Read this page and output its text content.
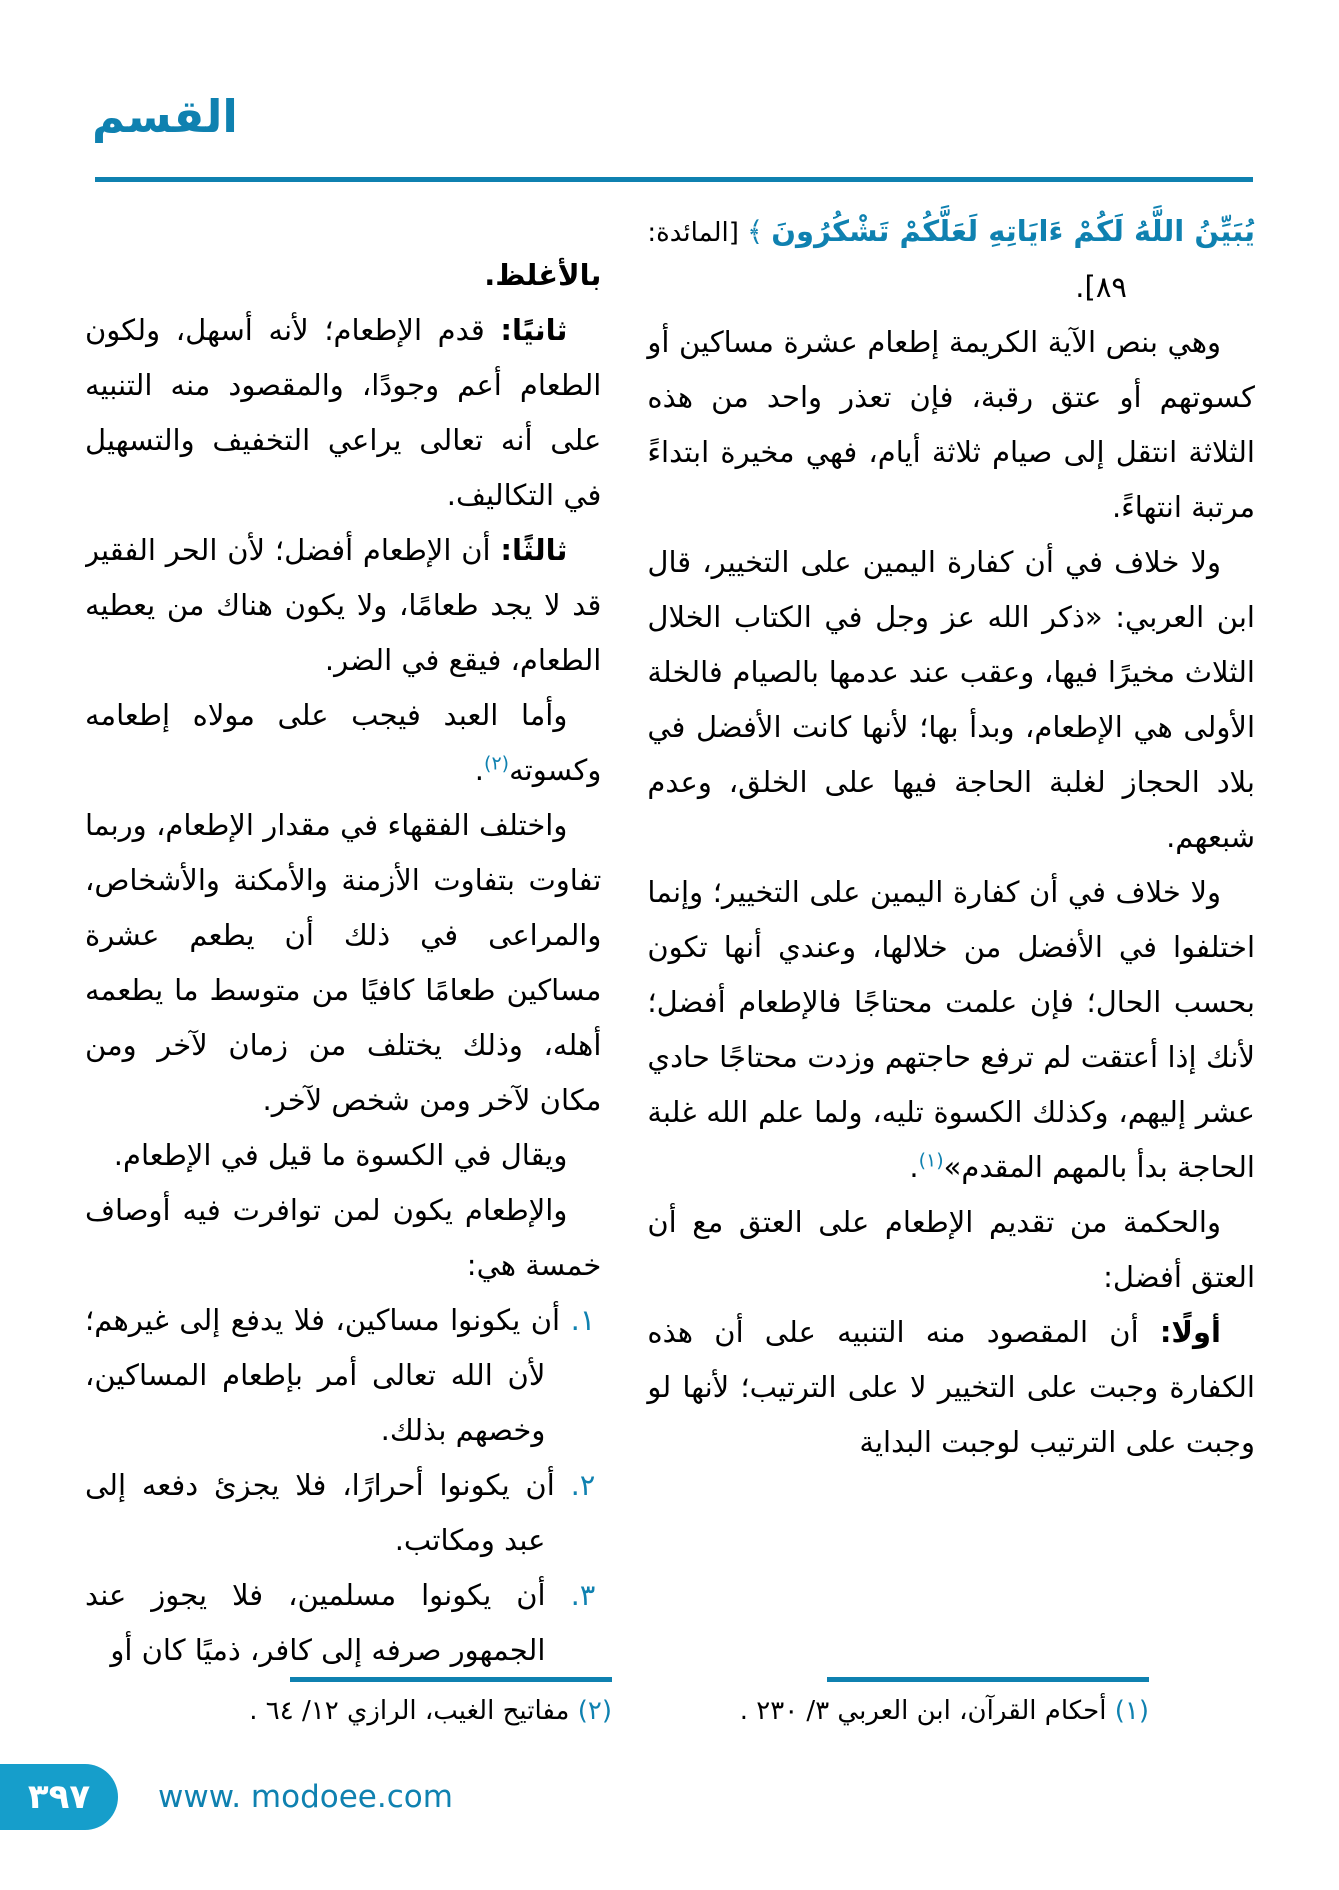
القسم
يُبَيِّنُ اللَّهُ لَكُمْ ءَايَاتِهِ لَعَلَّكُمْ تَشْكُرُونَ﴾[المائدة:
٨٩].

وهي بنص الآية الكريمة إطعام عشرة مساكين أو كسوتهم أو عتق رقبة، فإن تعذر واحد من هذه الثلاثة انتقل إلى صيام ثلاثة أيام، فهي مخيرة ابتداءً مرتبة انتهاءً.

ولا خلاف في أن كفارة اليمين على التخيير، قال ابن العربي: «ذكر الله عز وجل في الكتاب الخلال الثلاث مخيرًا فيها، وعقب عند عدمها بالصيام فالخلة الأولى هي الإطعام، وبدأ بها؛ لأنها كانت الأفضل في بلاد الحجاز لغلبة الحاجة فيها على الخلق، وعدم شبعهم.

ولا خلاف في أن كفارة اليمين على التخيير؛ وإنما اختلفوا في الأفضل من خلالها، وعندي أنها تكون بحسب الحال؛ فإن علمت محتاجًا فالإطعام أفضل؛ لأنك إذا أعتقت لم ترفع حاجتهم وزدت محتاجًا حادي عشر إليهم، وكذلك الكسوة تليه، ولما علم الله غلبة الحاجة بدأ بالمهم المقدم»$^{(١)}$.

والحكمة من تقديم الإطعام على العتق مع أن العتق أفضل:

أولًا: أن المقصود منه التنبيه على أن هذه الكفارة وجبت على التخيير لا على الترتيب؛ لأنها لو وجبت على الترتيب لوجبت البداية

بالأغلظ.

ثانيًا: قدم الإطعام؛ لأنه أسهل، ولكون الطعام أعم وجودًا، والمقصود منه التنبيه على أنه تعالى يراعي التخفيف والتسهيل في التكاليف.

ثالثًا: أن الإطعام أفضل؛ لأن الحر الفقير قد لا يجد طعامًا، ولا يكون هناك من يعطيه الطعام، فيقع في الضر.

وأما العبد فيجب على مولاه إطعامه وكسوته$^{(٢)}$.

واختلف الفقهاء في مقدار الإطعام، وربما تفاوت بتفاوت الأزمنة والأمكنة والأشخاص، والمراعى في ذلك أن يطعم عشرة مساكين طعامًا كافيًا من متوسط ما يطعمه أهله، وذلك يختلف من زمان لآخر ومن مكان لآخر ومن شخص لآخر.

ويقال في الكسوة ما قيل في الإطعام.

والإطعام يكون لمن توافرت فيه أوصاف خمسة هي:

١. أن يكونوا مساكين، فلا يدفع إلى غيرهم؛ لأن الله تعالى أمر بإطعام المساكين، وخصهم بذلك.

٢. أن يكونوا أحرارًا، فلا يجزئ دفعه إلى عبد ومكاتب.

٣. أن يكونوا مسلمين، فلا يجوز عند الجمهور صرفه إلى كافر، ذميًا كان أو

(١) أحكام القرآن، ابن العربي ٣/ ٢٣٠ .
(٢) مفاتيح الغيب، الرازي ١٢/ ٦٤ .
٣٩٧ www. modoee.com
